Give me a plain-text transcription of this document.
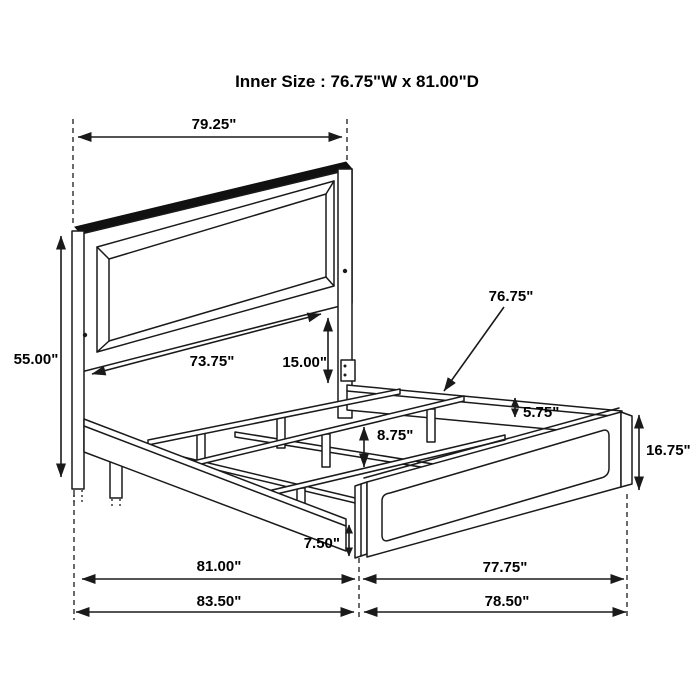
Inner Size : 76.75"W x 81.00"D
79.25"
55.00"	73.75"	15.00"
76.75"
5.75"
8.75"
16.75"
7.50"
81.00"	77.75"
83.50"	78.50"
